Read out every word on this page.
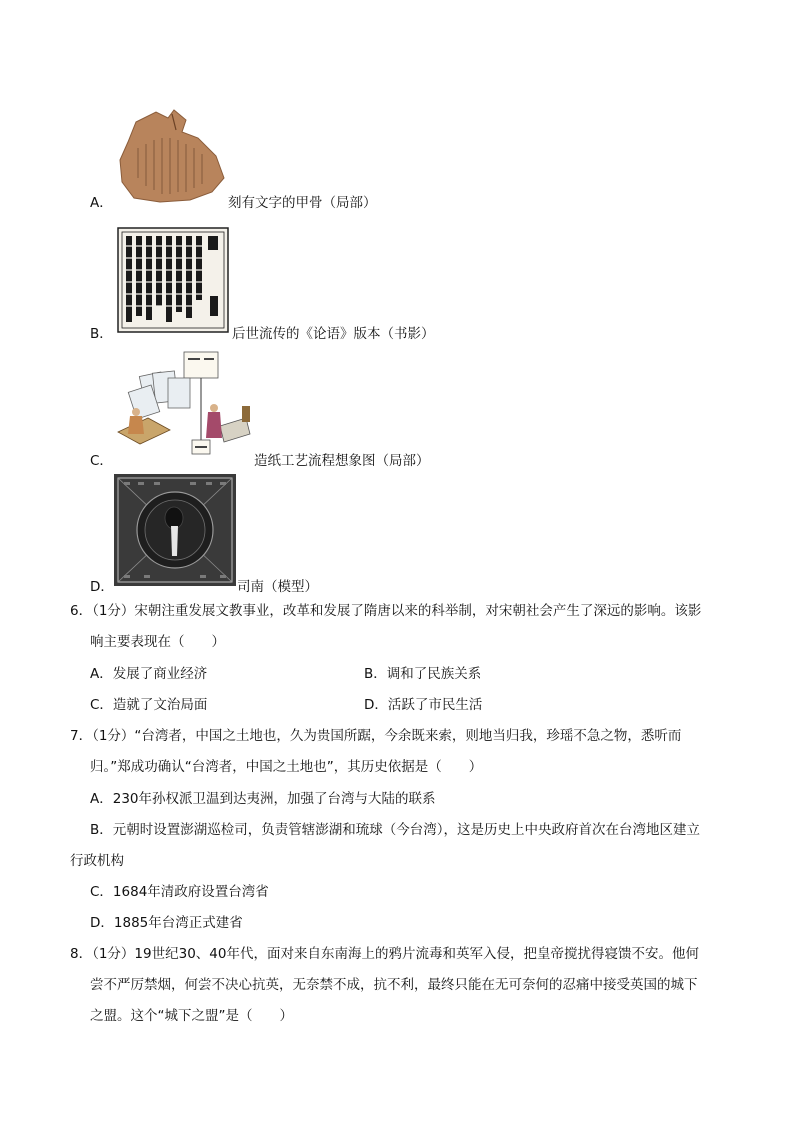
A．	刻有文字的甲骨（局部）
B．	后世流传的《论语》版本（书影）
C．	造纸工艺流程想象图（局部）
D．	司南（模型）
6．（1分）宋朝注重发展文教事业，改革和发展了隋唐以来的科举制，对宋朝社会产生了深远的影响。该影
响主要表现在（　　）
A．发展了商业经济	B．调和了民族关系
C．造就了文治局面	D．活跃了市民生活
7．（1分）“台湾者，中国之土地也，久为贵国所踞，今余既来索，则地当归我，珍瑶不急之物，悉听而
归。”郑成功确认“台湾者，中国之土地也”，其历史依据是（　　）
A．230年孙权派卫温到达夷洲，加强了台湾与大陆的联系
B．元朝时设置澎湖巡检司，负责管辖澎湖和琉球（今台湾），这是历史上中央政府首次在台湾地区建立
行政机构
C．1684年清政府设置台湾省
D．1885年台湾正式建省
8．（1分）19世纪30、40年代，面对来自东南海上的鸦片流毒和英军入侵，把皇帝搅扰得寝馈不安。他何
尝不严厉禁烟，何尝不决心抗英，无奈禁不成，抗不利，最终只能在无可奈何的忍痛中接受英国的城下
之盟。这个“城下之盟”是（　　）
